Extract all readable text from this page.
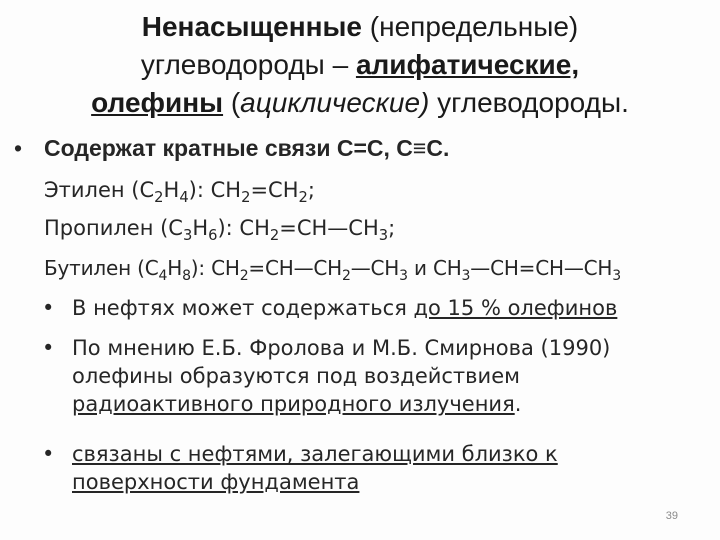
Ненасыщенные (непредельные)
углеводороды – алифатические,
олефины (ациклические) углеводороды.
• Содержат кратные связи C=C, C≡C.
Этилен $(C_2H_4)$: $CH_2=CH_2$;
Пропилен $(C_3H_6)$: $CH_2=CH—CH_3$;
Бутилен $(C_4H_8)$: $CH_2=CH—CH_2—CH_3$ и $CH_3—CH=CH—CH_3$
• В нефтях может содержаться до 15 % олефинов
• По мнению Е.Б. Фролова и М.Б. Смирнова (1990)
олефины образуются под воздействием
радиоактивного природного излучения.
• связаны с нефтями, залегающими близко к
поверхности фундамента
39
